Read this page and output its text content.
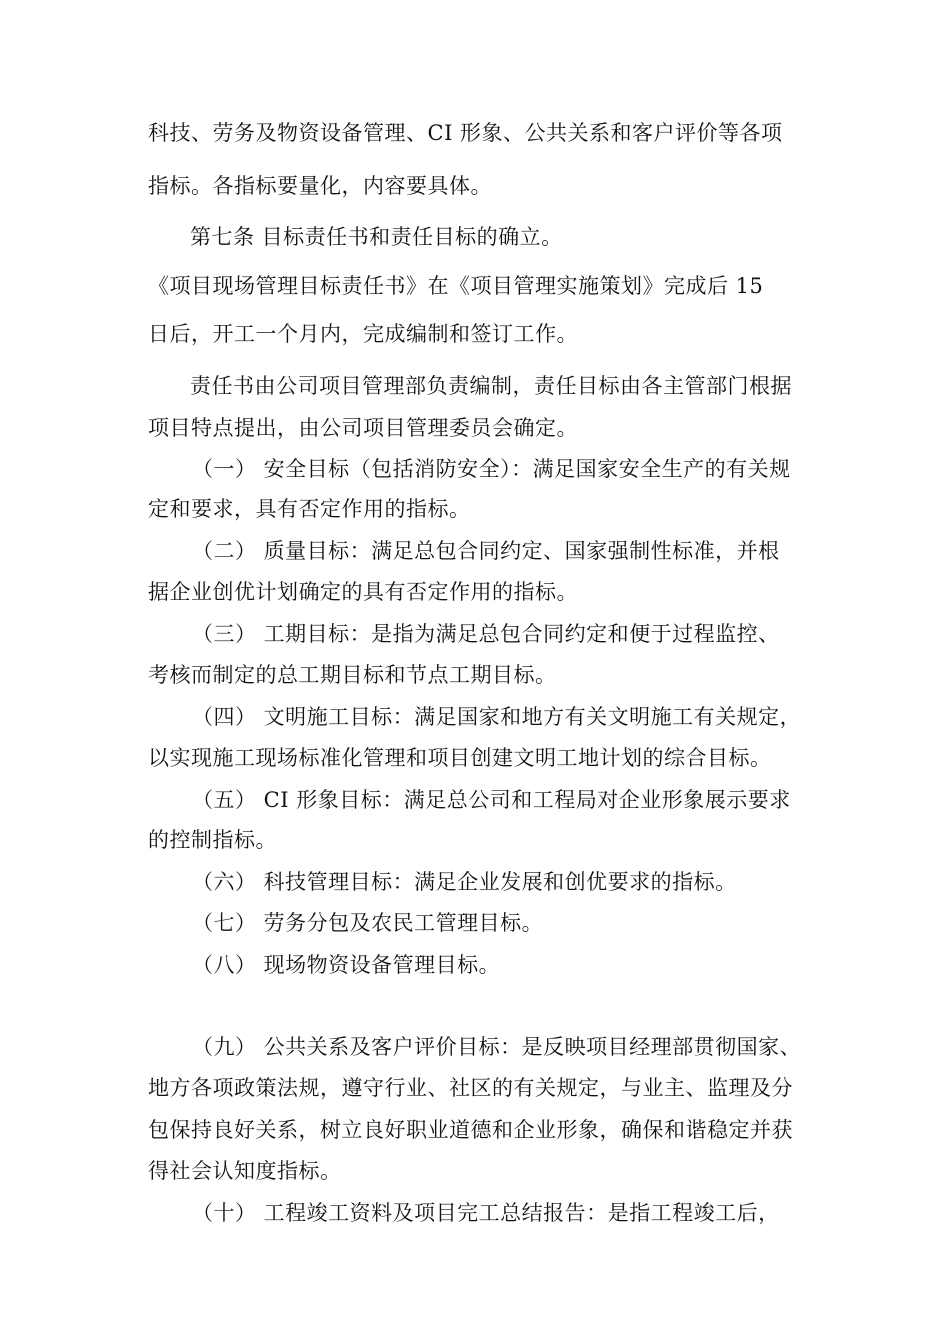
科技、劳务及物资设备管理、CI 形象、公共关系和客户评价等各项
指标。各指标要量化，内容要具体。
第七条 目标责任书和责任目标的确立。
《项目现场管理目标责任书》在《项目管理实施策划》完成后 15
日后，开工一个月内，完成编制和签订工作。
责任书由公司项目管理部负责编制，责任目标由各主管部门根据
项目特点提出，由公司项目管理委员会确定。
（一） 安全目标（包括消防安全）：满足国家安全生产的有关规
定和要求，具有否定作用的指标。
（二） 质量目标：满足总包合同约定、国家强制性标准，并根
据企业创优计划确定的具有否定作用的指标。
（三） 工期目标：是指为满足总包合同约定和便于过程监控、
考核而制定的总工期目标和节点工期目标。
（四） 文明施工目标：满足国家和地方有关文明施工有关规定，
以实现施工现场标准化管理和项目创建文明工地计划的综合目标。
（五） CI 形象目标：满足总公司和工程局对企业形象展示要求
的控制指标。
（六） 科技管理目标：满足企业发展和创优要求的指标。
（七） 劳务分包及农民工管理目标。
（八） 现场物资设备管理目标。
（九） 公共关系及客户评价目标：是反映项目经理部贯彻国家、
地方各项政策法规，遵守行业、社区的有关规定，与业主、监理及分
包保持良好关系，树立良好职业道德和企业形象，确保和谐稳定并获
得社会认知度指标。
（十） 工程竣工资料及项目完工总结报告：是指工程竣工后，
